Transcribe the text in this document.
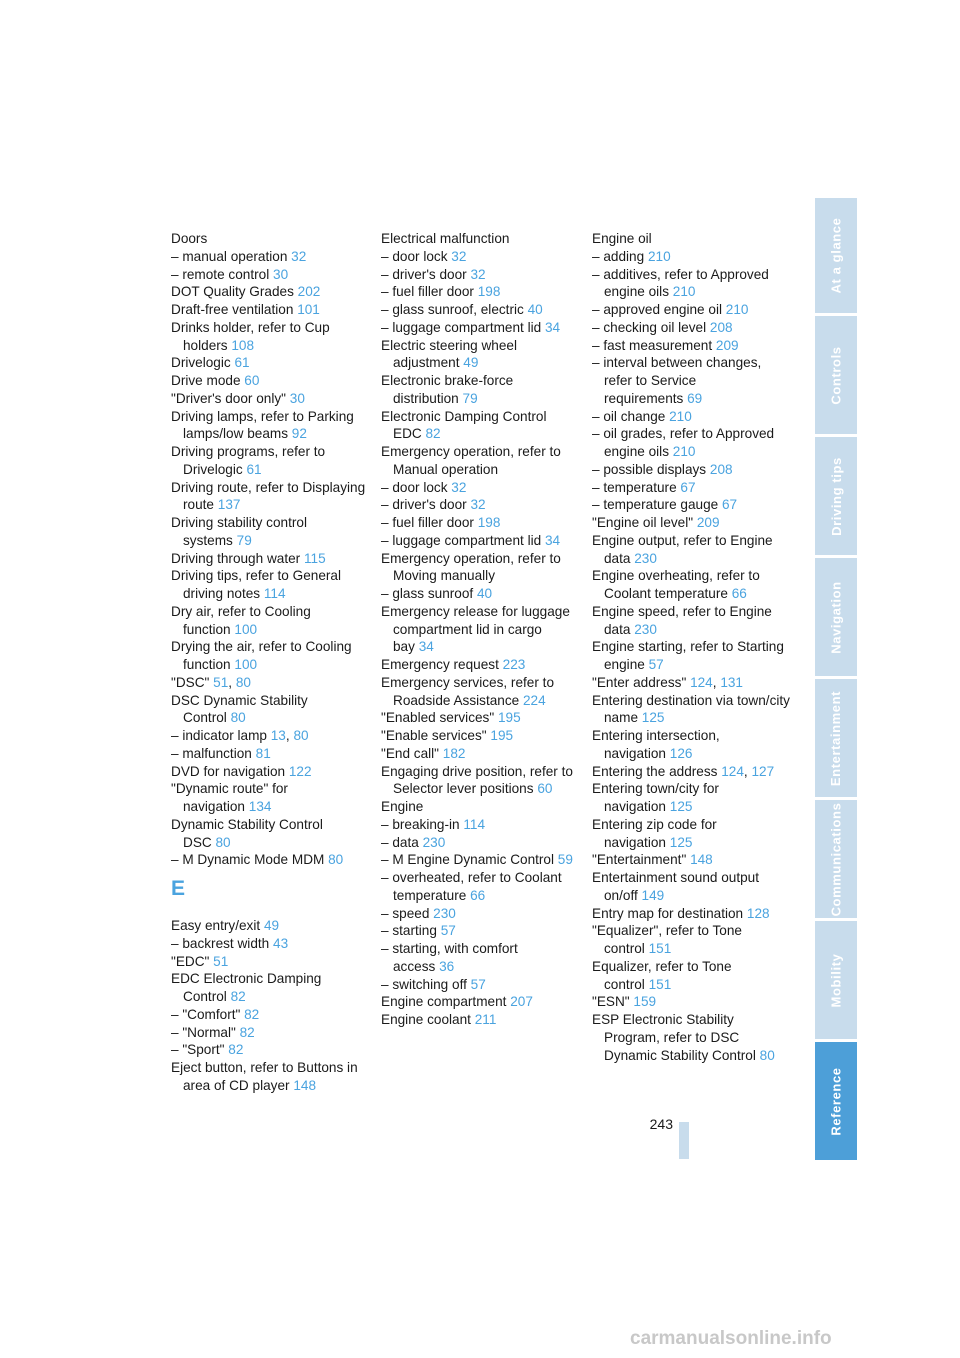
Doors
– manual operation 32
– remote control 30
DOT Quality Grades 202
Draft-free ventilation 101
Drinks holder, refer to Cup holders 108
Drivelogic 61
Drive mode 60
"Driver's door only" 30
Driving lamps, refer to Parking lamps/low beams 92
Driving programs, refer to Drivelogic 61
Driving route, refer to Displaying route 137
Driving stability control systems 79
Driving through water 115
Driving tips, refer to General driving notes 114
Dry air, refer to Cooling function 100
Drying the air, refer to Cooling function 100
"DSC" 51, 80
DSC Dynamic Stability Control 80
– indicator lamp 13, 80
– malfunction 81
DVD for navigation 122
"Dynamic route" for navigation 134
Dynamic Stability Control DSC 80
– M Dynamic Mode MDM 80
E
Easy entry/exit 49
– backrest width 43
"EDC" 51
EDC Electronic Damping Control 82
– "Comfort" 82
– "Normal" 82
– "Sport" 82
Eject button, refer to Buttons in area of CD player 148
Electrical malfunction
– door lock 32
– driver's door 32
– fuel filler door 198
– glass sunroof, electric 40
– luggage compartment lid 34
Electric steering wheel adjustment 49
Electronic brake-force distribution 79
Electronic Damping Control EDC 82
Emergency operation, refer to Manual operation
– door lock 32
– driver's door 32
– fuel filler door 198
– luggage compartment lid 34
Emergency operation, refer to Moving manually
– glass sunroof 40
Emergency release for luggage compartment lid in cargo bay 34
Emergency request 223
Emergency services, refer to Roadside Assistance 224
"Enabled services" 195
"Enable services" 195
"End call" 182
Engaging drive position, refer to Selector lever positions 60
Engine
– breaking-in 114
– data 230
– M Engine Dynamic Control 59
– overheated, refer to Coolant temperature 66
– speed 230
– starting 57
– starting, with comfort access 36
– switching off 57
Engine compartment 207
Engine coolant 211
Engine oil
– adding 210
– additives, refer to Approved engine oils 210
– approved engine oil 210
– checking oil level 208
– fast measurement 209
– interval between changes, refer to Service requirements 69
– oil change 210
– oil grades, refer to Approved engine oils 210
– possible displays 208
– temperature 67
– temperature gauge 67
"Engine oil level" 209
Engine output, refer to Engine data 230
Engine overheating, refer to Coolant temperature 66
Engine speed, refer to Engine data 230
Engine starting, refer to Starting engine 57
"Enter address" 124, 131
Entering destination via town/city name 125
Entering intersection, navigation 126
Entering the address 124, 127
Entering town/city for navigation 125
Entering zip code for navigation 125
"Entertainment" 148
Entertainment sound output on/off 149
Entry map for destination 128
"Equalizer", refer to Tone control 151
Equalizer, refer to Tone control 151
"ESN" 159
ESP Electronic Stability Program, refer to DSC Dynamic Stability Control 80
At a glance
Controls
Driving tips
Navigation
Entertainment
Communications
Mobility
Reference
243
carmanualsonline.info
